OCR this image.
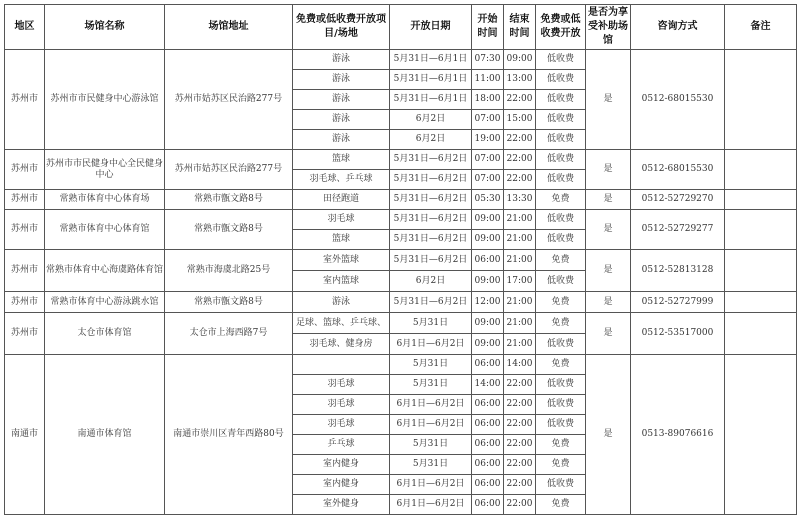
地区	场馆名称	场馆地址	免费或低收费开放项目/场地	开放日期	开始时间	结束时间	免费或低收费开放	是否为享受补助场馆	咨询方式	备注
苏州市	苏州市市民健身中心游泳馆	苏州市姑苏区民治路277号	游泳	5月31日—6月1日	07:30	09:00	低收费	是	0512-68015530	
			游泳	5月31日—6月1日	11:00	13:00	低收费			
			游泳	5月31日—6月1日	18:00	22:00	低收费			
			游泳	6月2日	07:00	15:00	低收费			
			游泳	6月2日	19:00	22:00	低收费			
苏州市	苏州市市民健身中心全民健身中心	苏州市姑苏区民治路277号	篮球	5月31日—6月2日	07:00	22:00	低收费	是	0512-68015530	
			羽毛球、乒乓球	5月31日—6月2日	07:00	22:00	低收费			
苏州市	常熟市体育中心体育场	常熟市甑文路8号	田径跑道	5月31日—6月2日	05:30	13:30	免费	是	0512-52729270	
苏州市	常熟市体育中心体育馆	常熟市甑文路8号	羽毛球	5月31日—6月2日	09:00	21:00	低收费	是	0512-52729277	
			篮球	5月31日—6月2日	09:00	21:00	低收费			
苏州市	常熟市体育中心海虞路体育馆	常熟市海虞北路25号	室外篮球	5月31日—6月2日	06:00	21:00	免费	是	0512-52813128	
			室内篮球	6月2日	09:00	17:00	低收费			
苏州市	常熟市体育中心游泳跳水馆	常熟市甑文路8号	游泳	5月31日—6月2日	12:00	21:00	免费	是	0512-52727999	
苏州市	太仓市体育馆	太仓市上海西路7号	足球、篮球、乒乓球、	5月31日	09:00	21:00	免费	是	0512-53517000	
			羽毛球、健身房	6月1日—6月2日	09:00	21:00	低收费			
南通市	南通市体育馆	南通市崇川区青年西路80号		5月31日	06:00	14:00	免费	是	0513-89076616	
			羽毛球	5月31日	14:00	22:00	低收费			
			羽毛球	6月1日—6月2日	06:00	22:00	低收费			
			羽毛球	6月1日—6月2日	06:00	22:00	低收费			
			乒乓球	5月31日	06:00	22:00	免费			
			室内健身	5月31日	06:00	22:00	免费			
			室内健身	6月1日—6月2日	06:00	22:00	低收费			
			室外健身	6月1日—6月2日	06:00	22:00	免费			
